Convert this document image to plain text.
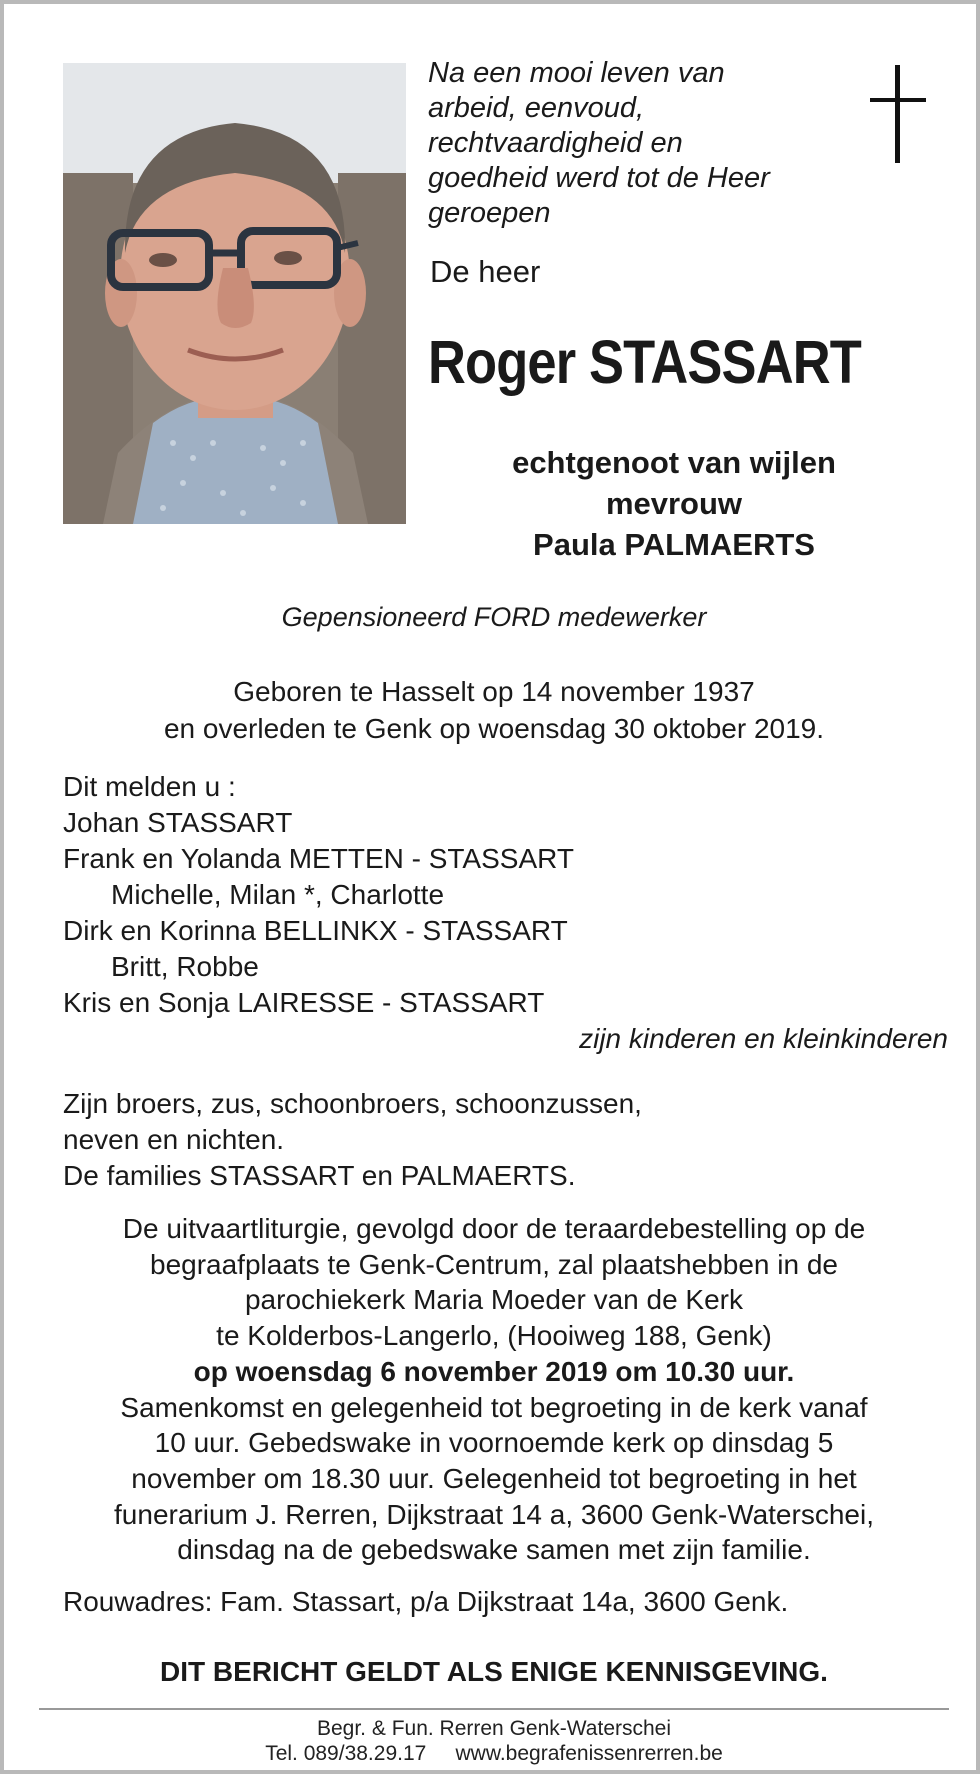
Na een mooi leven van
arbeid, eenvoud,
rechtvaardigheid en
goedheid werd tot de Heer
geroepen

De heer

Roger STASSART
echtgenoot van wijlen
mevrouw
Paula PALMAERTS
Gepensioneerd FORD medewerker
Geboren te Hasselt op 14 november 1937
en overleden te Genk op woensdag 30 oktober 2019.
Dit melden u :
Johan STASSART
Frank en Yolanda METTEN - STASSART
Michelle, Milan *, Charlotte
Dirk en Korinna BELLINKX - STASSART
Britt, Robbe
Kris en Sonja LAIRESSE - STASSART
zijn kinderen en kleinkinderen
Zijn broers, zus, schoonbroers, schoonzussen,
neven en nichten.
De families STASSART en PALMAERTS.
De uitvaartliturgie, gevolgd door de teraardebestelling op de
begraafplaats te Genk-Centrum, zal plaatshebben in de
parochiekerk Maria Moeder van de Kerk
te Kolderbos-Langerlo, (Hooiweg 188, Genk)
op woensdag 6 november 2019 om 10.30 uur.
Samenkomst en gelegenheid tot begroeting in de kerk vanaf
10 uur. Gebedswake in voornoemde kerk op dinsdag 5
november om 18.30 uur. Gelegenheid tot begroeting in het
funerarium J. Rerren, Dijkstraat 14 a, 3600 Genk-Waterschei,
dinsdag na de gebedswake samen met zijn familie.
Rouwadres: Fam. Stassart, p/a Dijkstraat 14a, 3600 Genk.
DIT BERICHT GELDT ALS ENIGE KENNISGEVING.
Begr. & Fun. Rerren Genk-Waterschei
Tel. 089/38.29.17     www.begrafenissenrerren.be
